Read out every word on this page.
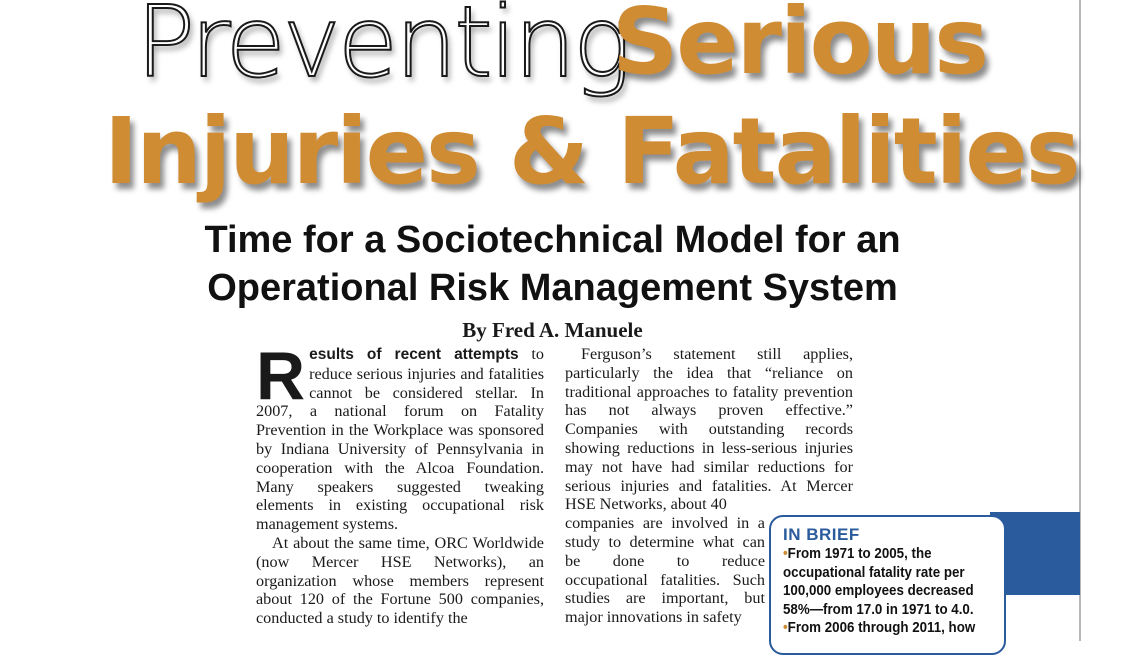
Preventing
Serious
Injuries & Fatalities
Time for a Sociotechnical Model for an
Operational Risk Management System
By Fred A. Manuele

Results of recent attempts to reduce serious injuries and fatalities cannot be considered stellar. In 2007, a national forum on Fatality Prevention in the Workplace was sponsored by Indiana University of Pennsylvania in cooperation with the Alcoa Foundation. Many speakers suggested tweaking elements in existing occupational risk management systems.

At about the same time, ORC Worldwide (now Mercer HSE Networks), an organization whose members represent about 120 of the Fortune 500 companies, conducted a study to identify the

Ferguson’s statement still applies, particularly the idea that “reliance on traditional approaches to fatality prevention has not always proven effective.” Companies with outstanding records showing reductions in less-serious injuries may not have had similar reductions for serious injuries and fatalities. At Mercer HSE Networks, about 40

companies are involved in a study to determine what can be done to reduce occupational fatalities. Such studies are important, but major innovations in safety

IN BRIEF
•From 1971 to 2005, the occupational fatality rate per 100,000 employees decreased 58%—from 17.0 in 1971 to 4.0.
•From 2006 through 2011, how
